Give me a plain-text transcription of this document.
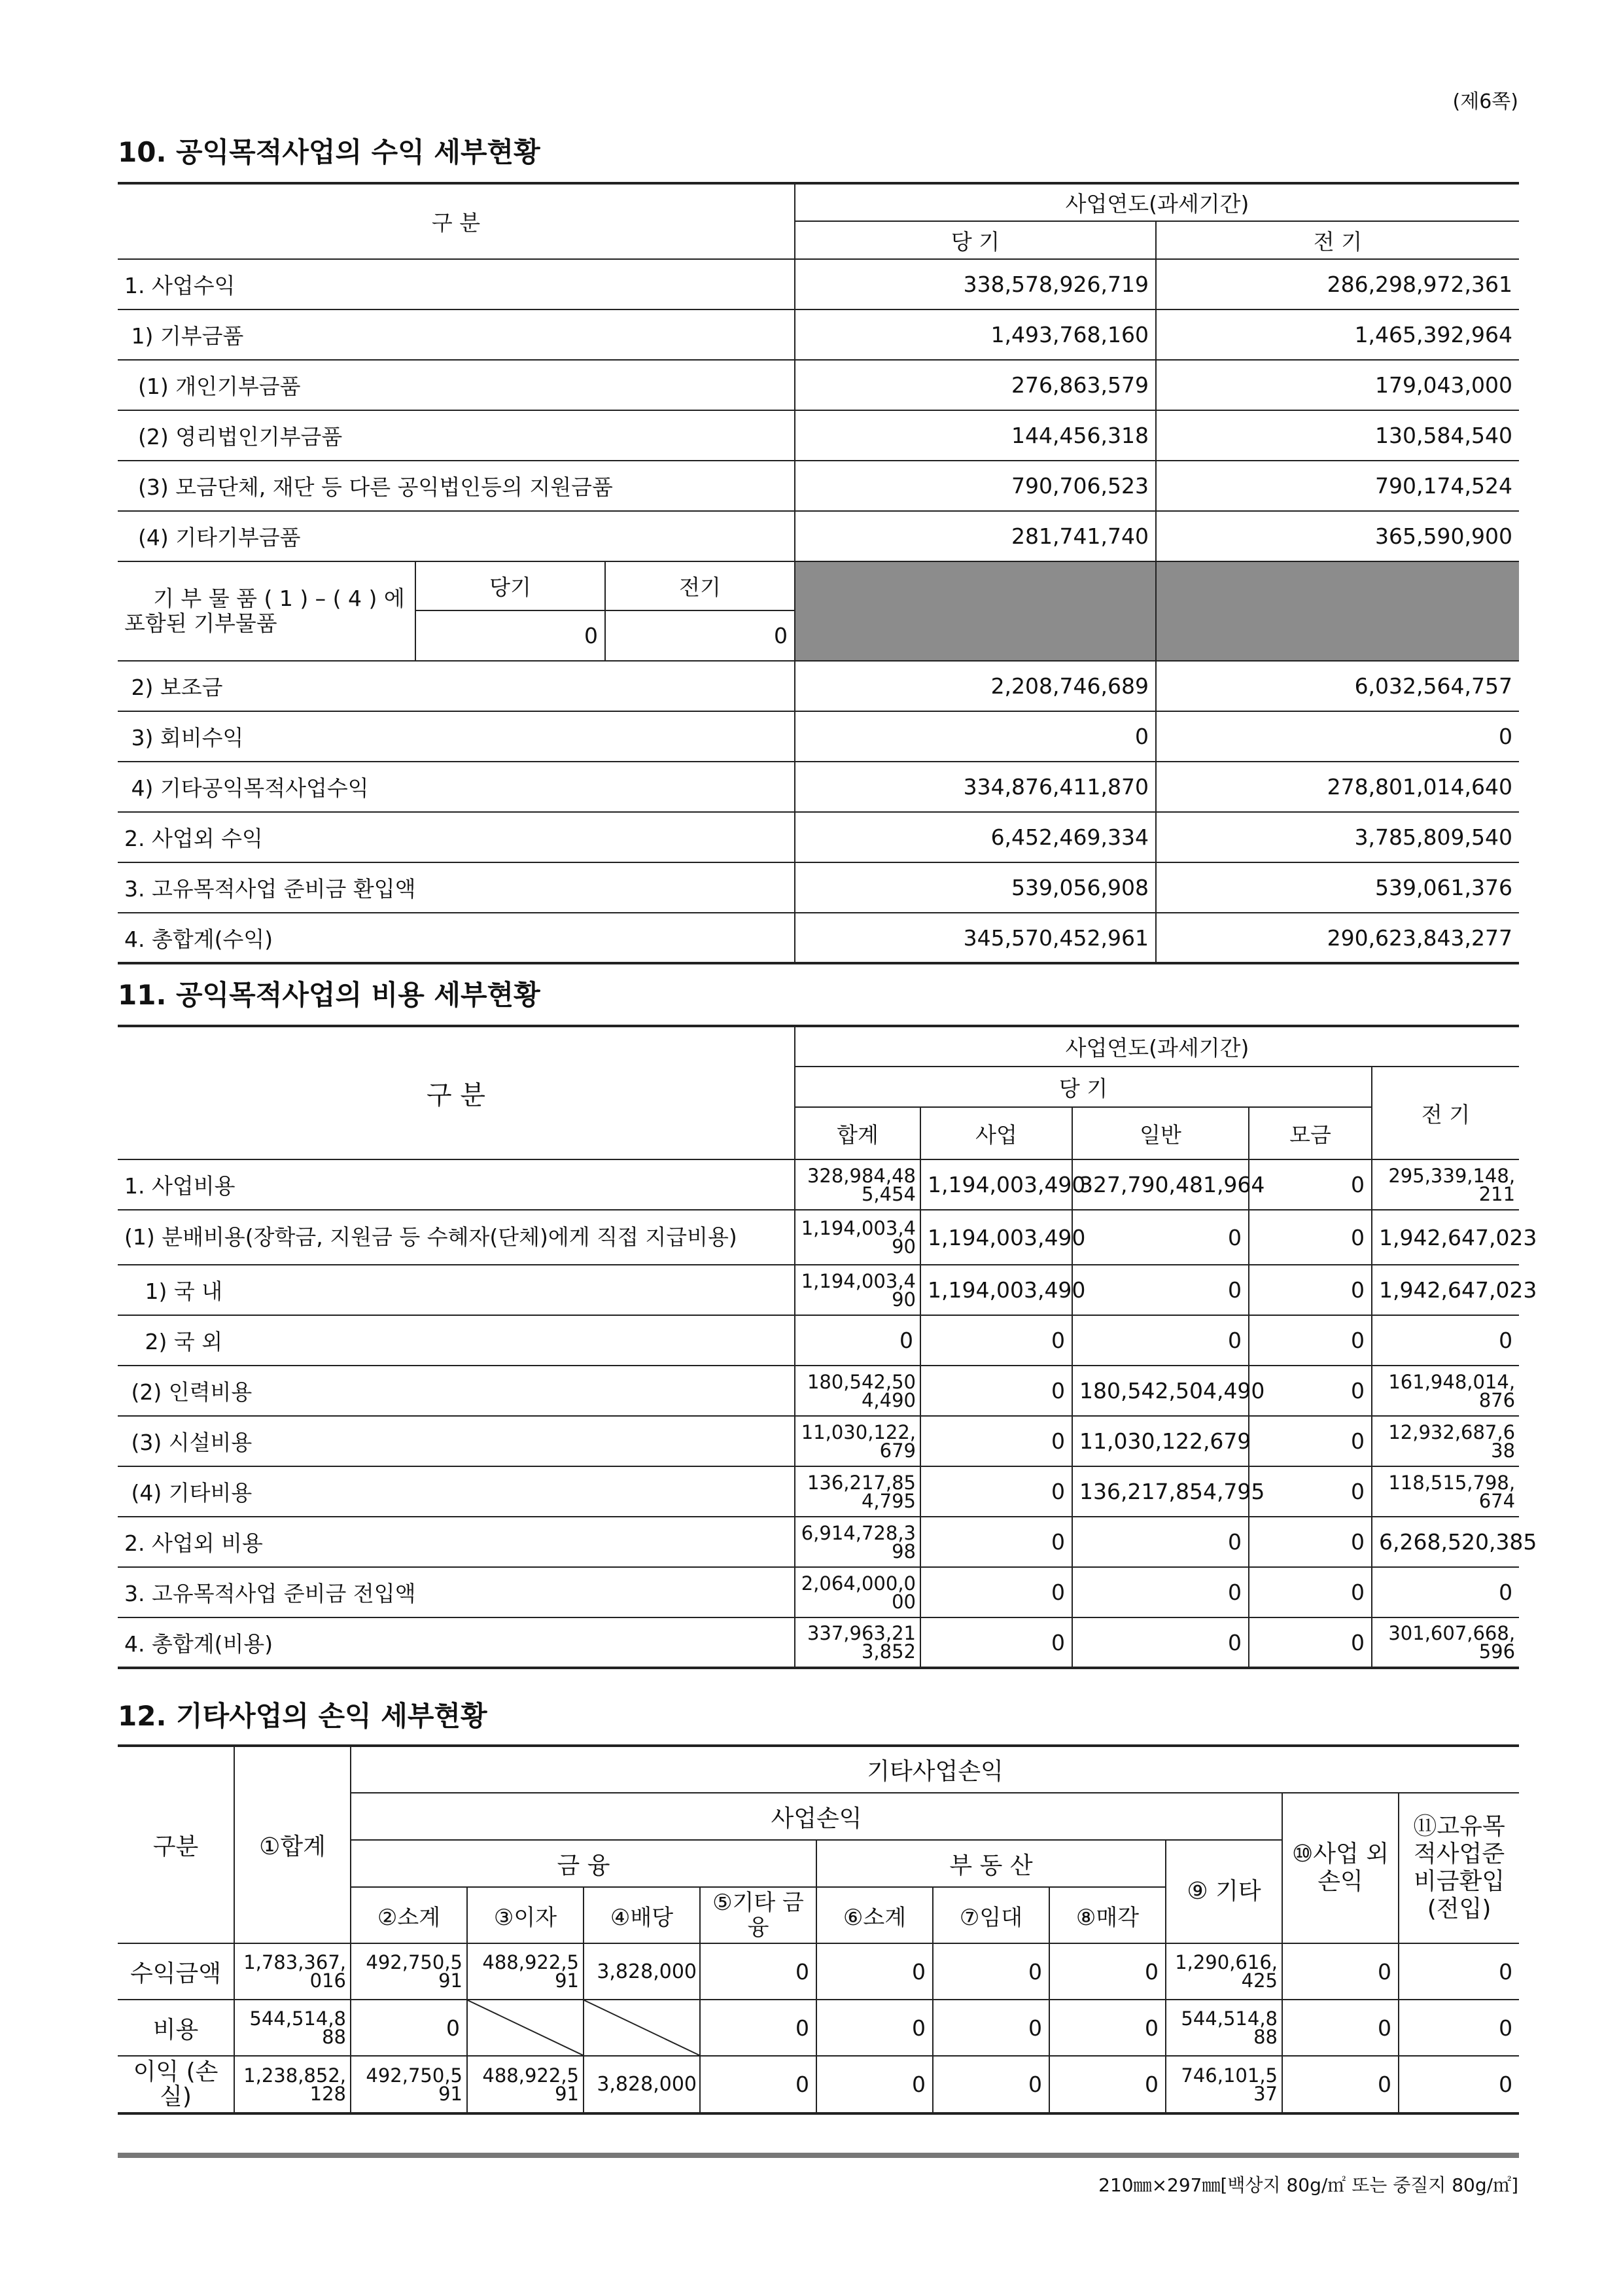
(제6쪽)
10. 공익목적사업의 수익 세부현황
구 분			사업연도(과세기간)	
			당 기	전 기
1. 사업수익			338,578,926,719	286,298,972,361
1) 기부금품			1,493,768,160	1,465,392,964
(1) 개인기부금품			276,863,579	179,043,000
(2) 영리법인기부금품			144,456,318	130,584,540
(3) 모금단체, 재단 등 다른 공익법인등의 지원금품			790,706,523	790,174,524
(4) 기타기부금품			281,741,740	365,590,900

기 부 물 품 ( 1 ) – ( 4 ) 에
포함된 기부물품	당기	전기		
	0	0		
2) 보조금			2,208,746,689	6,032,564,757
3) 회비수익			0	0
4) 기타공익목적사업수익			334,876,411,870	278,801,014,640
2. 사업외 수익			6,452,469,334	3,785,809,540
3. 고유목적사업 준비금 환입액			539,056,908	539,061,376
4. 총합계(수익)			345,570,452,961	290,623,843,277
11. 공익목적사업의 비용 세부현황
구 분	사업연도(과세기간)				
	당 기				전 기
	합계	사업	일반	모금	
1. 사업비용	328,984,485,454	1,194,003,490	327,790,481,964	0	295,339,148,211
(1) 분배비용(장학금, 지원금 등 수혜자(단체)에게 직접 지급비용)	1,194,003,490	1,194,003,490	0	0	1,942,647,023
1) 국 내	1,194,003,490	1,194,003,490	0	0	1,942,647,023
2) 국 외	0	0	0	0	0
(2) 인력비용	180,542,504,490	0	180,542,504,490	0	161,948,014,876
(3) 시설비용	11,030,122,679	0	11,030,122,679	0	12,932,687,638
(4) 기타비용	136,217,854,795	0	136,217,854,795	0	118,515,798,674
2. 사업외 비용	6,914,728,398	0	0	0	6,268,520,385
3. 고유목적사업 준비금 전입액	2,064,000,000	0	0	0	0
4. 총합계(비용)	337,963,213,852	0	0	0	301,607,668,596
12. 기타사업의 손익 세부현황
구분	①합계	기타사업손익									
		사업손익								⑩사업 외손익	⑪고유목적사업준비금환입(전입)
		금 융				부 동 산			⑨ 기타		
		②소계	③이자	④배당	⑤기타 금융	⑥소계	⑦임대	⑧매각			
수익금액	1,783,367,016	492,750,591	488,922,591	3,828,000	0	0	0	0	1,290,616,425	0	0
비용	544,514,888	0			0	0	0	0	544,514,888	0	0
이익 (손실)	1,238,852,128	492,750,591	488,922,591	3,828,000	0	0	0	0	746,101,537	0	0
210㎜×297㎜[백상지 80g/㎡ 또는 중질지 80g/㎡]
